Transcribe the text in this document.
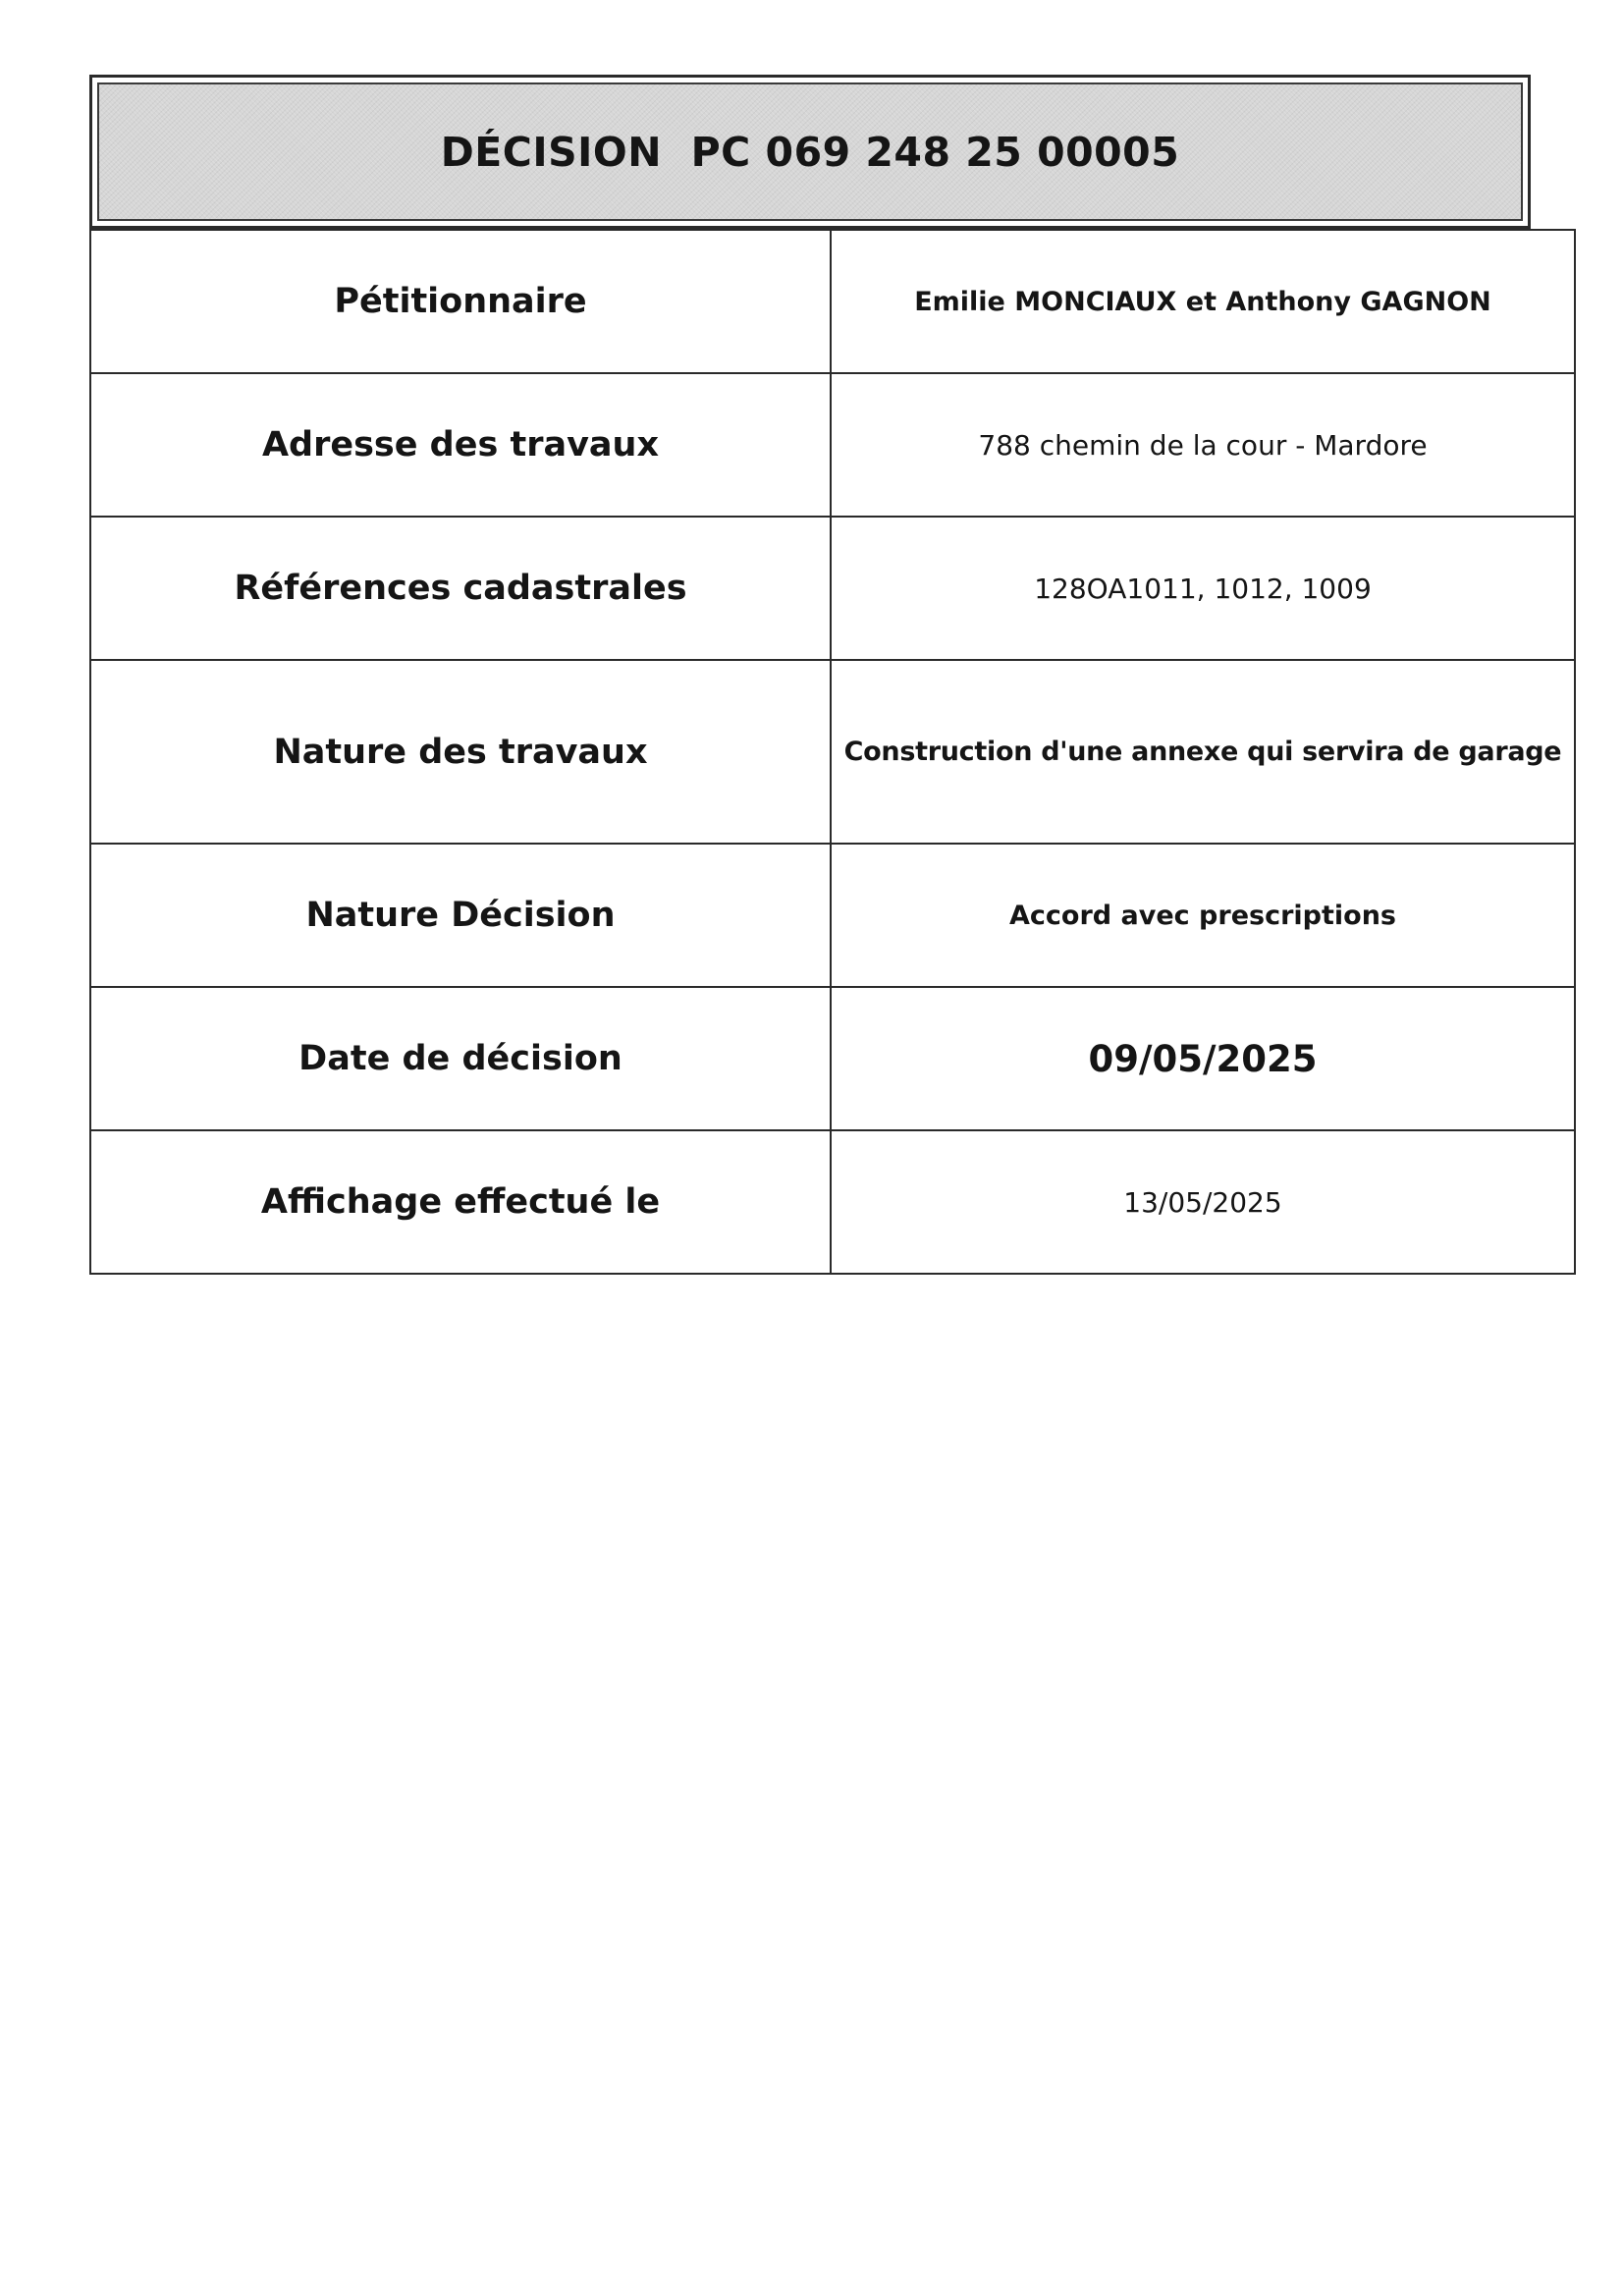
DÉCISION  PC 069 248 25 00005
Pétitionnaire	Emilie MONCIAUX et Anthony GAGNON
Adresse des travaux	788 chemin de la cour - Mardore
Références cadastrales	128OA1011, 1012, 1009
Nature des travaux	Construction d'une annexe qui servira de garage
Nature Décision	Accord avec prescriptions
Date de décision	09/05/2025
Affichage effectué le	13/05/2025
